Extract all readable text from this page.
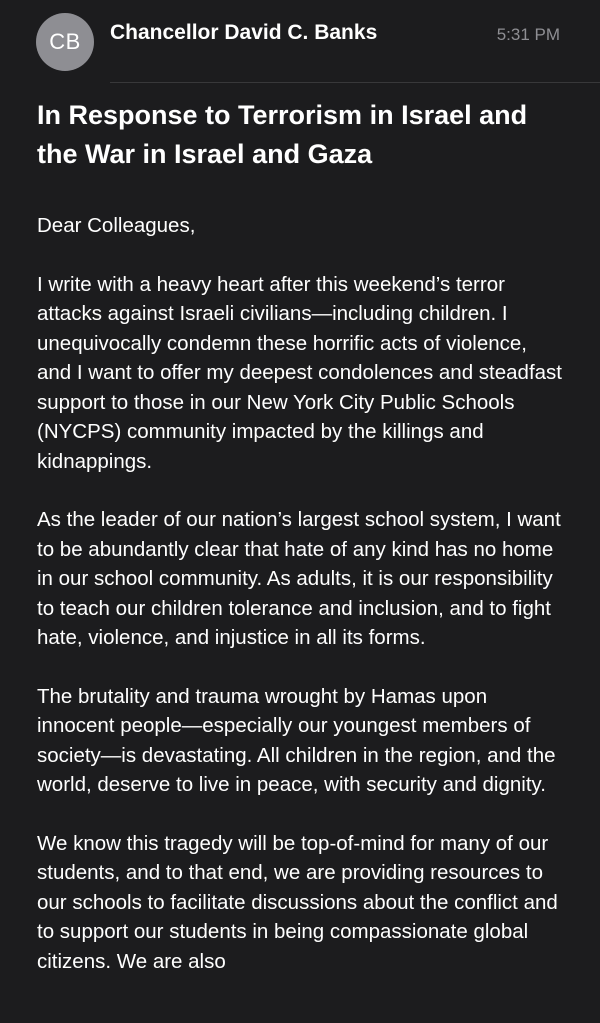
CB	Chancellor David C. Banks	5:31 PM
In Response to Terrorism in Israel and the War in Israel and Gaza

Dear Colleagues,

I write with a heavy heart after this weekend’s terror attacks against Israeli civilians—including children. I unequivocally condemn these horrific acts of violence, and I want to offer my deepest condolences and steadfast support to those in our New York City Public Schools (NYCPS) community impacted by the killings and kidnappings.

As the leader of our nation’s largest school system, I want to be abundantly clear that hate of any kind has no home in our school community. As adults, it is our responsibility to teach our children tolerance and inclusion, and to fight hate, violence, and injustice in all its forms.

The brutality and trauma wrought by Hamas upon innocent people—especially our youngest members of society—is devastating. All children in the region, and the world, deserve to live in peace, with security and dignity.

We know this tragedy will be top-of-mind for many of our students, and to that end, we are providing resources to our schools to facilitate discussions about the conflict and to support our students in being compassionate global citizens. We are also
